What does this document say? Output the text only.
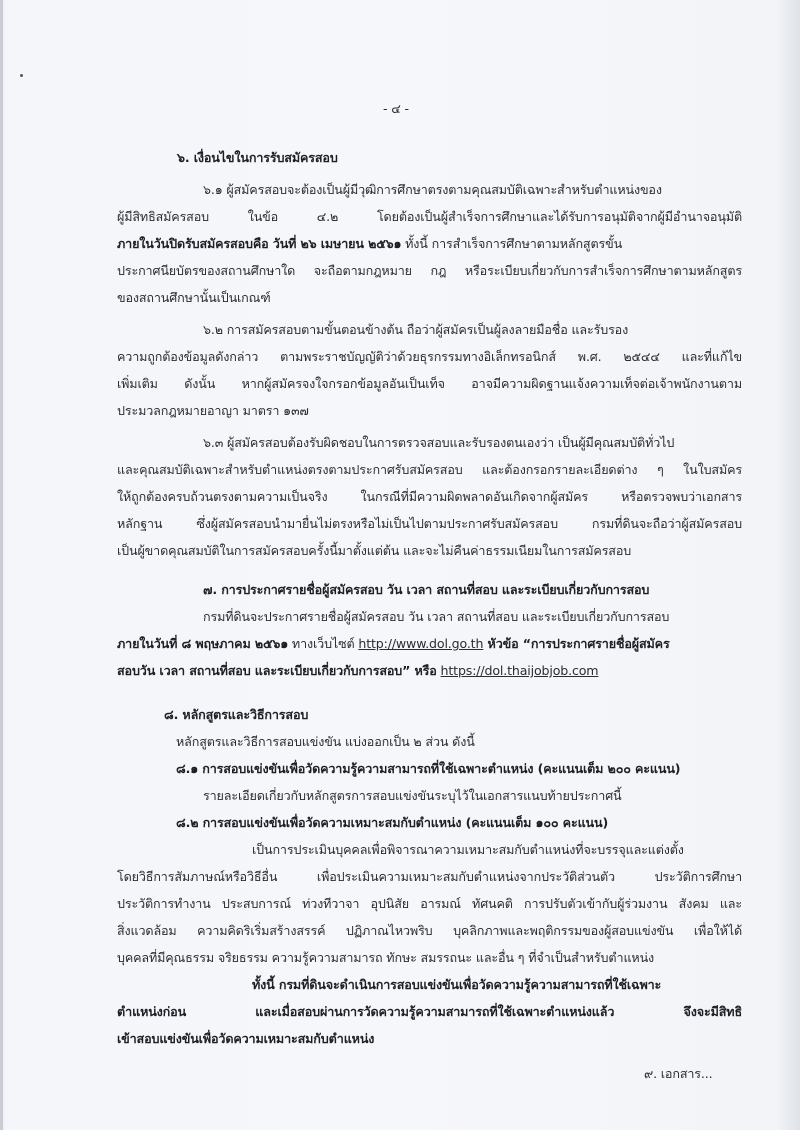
- ๔ -
๖. เงื่อนไขในการรับสมัครสอบ
๖.๑ ผู้สมัครสอบจะต้องเป็นผู้มีวุฒิการศึกษาตรงตามคุณสมบัติเฉพาะสำหรับตำแหน่งของ
ผู้มีสิทธิสมัครสอบ ในข้อ ๔.๒ โดยต้องเป็นผู้สำเร็จการศึกษาและได้รับการอนุมัติจากผู้มีอำนาจอนุมัติ
ภายในวันปิดรับสมัครสอบคือ วันที่ ๒๖ เมษายน ๒๕๖๑ ทั้งนี้ การสำเร็จการศึกษาตามหลักสูตรขั้น
ประกาศนียบัตรของสถานศึกษาใด จะถือตามกฎหมาย กฎ หรือระเบียบเกี่ยวกับการสำเร็จการศึกษาตามหลักสูตร
ของสถานศึกษานั้นเป็นเกณฑ์
๖.๒ การสมัครสอบตามขั้นตอนข้างต้น ถือว่าผู้สมัครเป็นผู้ลงลายมือชื่อ และรับรอง
ความถูกต้องข้อมูลดังกล่าว ตามพระราชบัญญัติว่าด้วยธุรกรรมทางอิเล็กทรอนิกส์ พ.ศ. ๒๕๔๔ และที่แก้ไข
เพิ่มเติม ดังนั้น หากผู้สมัครจงใจกรอกข้อมูลอันเป็นเท็จ อาจมีความผิดฐานแจ้งความเท็จต่อเจ้าพนักงานตาม
ประมวลกฎหมายอาญา มาตรา ๑๓๗
๖.๓ ผู้สมัครสอบต้องรับผิดชอบในการตรวจสอบและรับรองตนเองว่า เป็นผู้มีคุณสมบัติทั่วไป
และคุณสมบัติเฉพาะสำหรับตำแหน่งตรงตามประกาศรับสมัครสอบ และต้องกรอกรายละเอียดต่าง ๆ ในใบสมัคร
ให้ถูกต้องครบถ้วนตรงตามความเป็นจริง ในกรณีที่มีความผิดพลาดอันเกิดจากผู้สมัคร หรือตรวจพบว่าเอกสาร
หลักฐาน ซึ่งผู้สมัครสอบนำมายื่นไม่ตรงหรือไม่เป็นไปตามประกาศรับสมัครสอบ กรมที่ดินจะถือว่าผู้สมัครสอบ
เป็นผู้ขาดคุณสมบัติในการสมัครสอบครั้งนี้มาตั้งแต่ต้น และจะไม่คืนค่าธรรมเนียมในการสมัครสอบ
๗. การประกาศรายชื่อผู้สมัครสอบ วัน เวลา สถานที่สอบ และระเบียบเกี่ยวกับการสอบ
กรมที่ดินจะประกาศรายชื่อผู้สมัครสอบ วัน เวลา สถานที่สอบ และระเบียบเกี่ยวกับการสอบ
ภายในวันที่ ๘ พฤษภาคม ๒๕๖๑ ทางเว็บไซต์ http://www.dol.go.th หัวข้อ “การประกาศรายชื่อผู้สมัคร
สอบวัน เวลา สถานที่สอบ และระเบียบเกี่ยวกับการสอบ” หรือ https://dol.thaijobjob.com
๘. หลักสูตรและวิธีการสอบ
หลักสูตรและวิธีการสอบแข่งขัน แบ่งออกเป็น ๒ ส่วน ดังนี้
๘.๑ การสอบแข่งขันเพื่อวัดความรู้ความสามารถที่ใช้เฉพาะตำแหน่ง (คะแนนเต็ม ๒๐๐ คะแนน)
รายละเอียดเกี่ยวกับหลักสูตรการสอบแข่งขันระบุไว้ในเอกสารแนบท้ายประกาศนี้
๘.๒ การสอบแข่งขันเพื่อวัดความเหมาะสมกับตำแหน่ง (คะแนนเต็ม ๑๐๐ คะแนน)
เป็นการประเมินบุคคลเพื่อพิจารณาความเหมาะสมกับตำแหน่งที่จะบรรจุและแต่งตั้ง
โดยวิธีการสัมภาษณ์หรือวิธีอื่น เพื่อประเมินความเหมาะสมกับตำแหน่งจากประวัติส่วนตัว ประวัติการศึกษา
ประวัติการทำงาน ประสบการณ์ ท่วงทีวาจา อุปนิสัย อารมณ์ ทัศนคติ การปรับตัวเข้ากับผู้ร่วมงาน สังคม และ
สิ่งแวดล้อม ความคิดริเริ่มสร้างสรรค์ ปฏิภาณไหวพริบ บุคลิกภาพและพฤติกรรมของผู้สอบแข่งขัน เพื่อให้ได้
บุคคลที่มีคุณธรรม จริยธรรม ความรู้ความสามารถ ทักษะ สมรรถนะ และอื่น ๆ ที่จำเป็นสำหรับตำแหน่ง
ทั้งนี้ กรมที่ดินจะดำเนินการสอบแข่งขันเพื่อวัดความรู้ความสามารถที่ใช้เฉพาะ
ตำแหน่งก่อน และเมื่อสอบผ่านการวัดความรู้ความสามารถที่ใช้เฉพาะตำแหน่งแล้ว จึงจะมีสิทธิ
เข้าสอบแข่งขันเพื่อวัดความเหมาะสมกับตำแหน่ง
๙. เอกสาร...
